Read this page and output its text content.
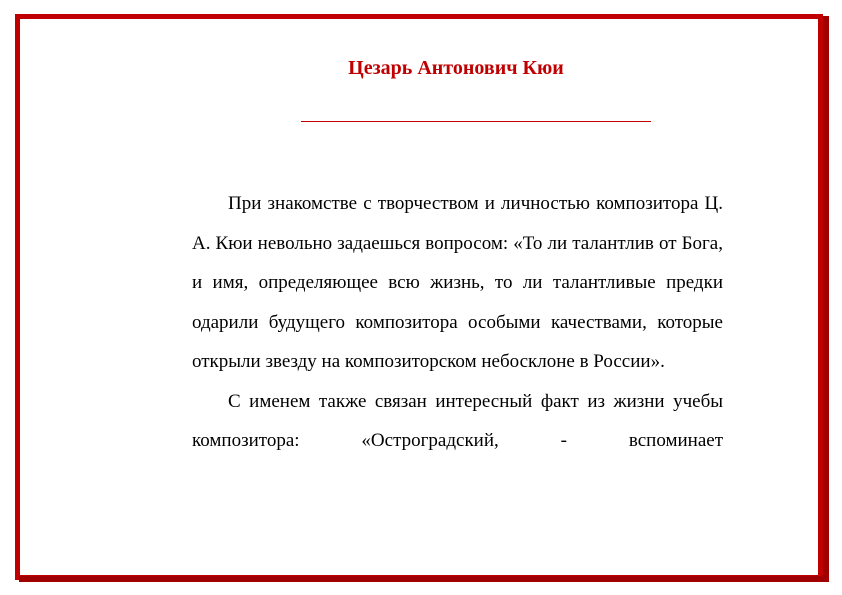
Цезарь Антонович Кюи

При знакомстве с творчеством и личностью композитора Ц. А. Кюи невольно задаешься вопросом: «То ли талантлив от Бога, и имя, определяющее всю жизнь, то ли талантливые предки одарили будущего композитора особыми качествами, которые открыли звезду на композиторском небосклоне в России».

С именем также связан интересный факт из жизни учебы композитора: «Остроградский, - вспоминает
